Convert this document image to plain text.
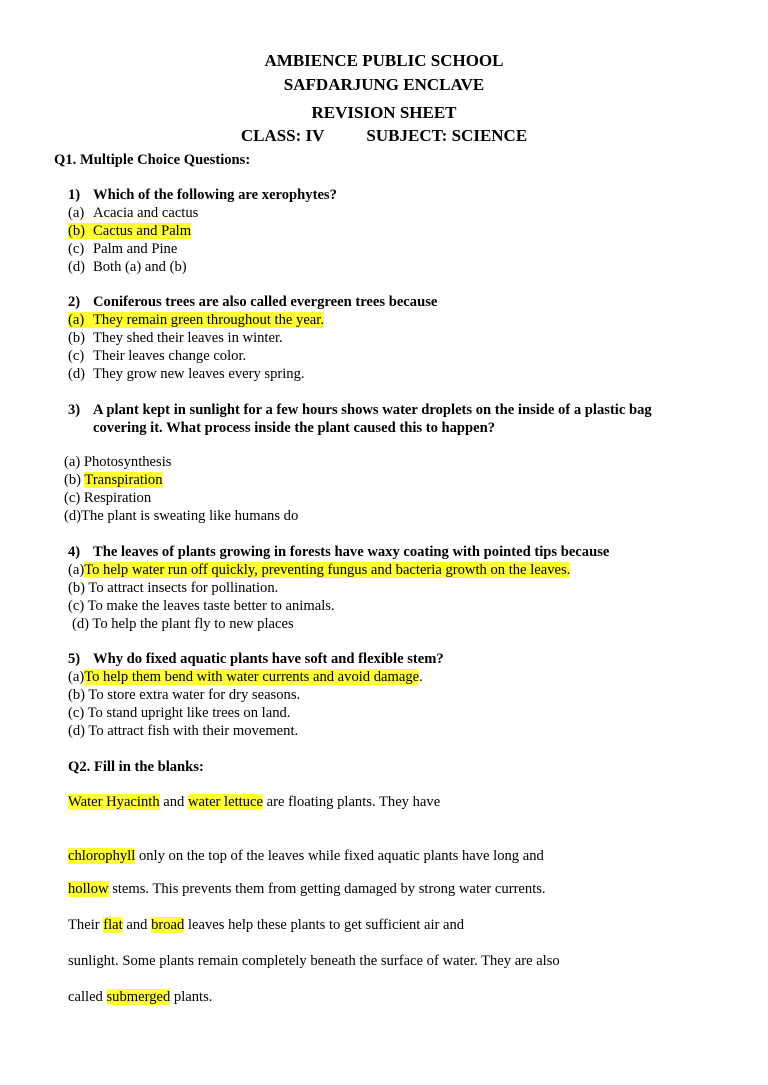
AMBIENCE PUBLIC SCHOOL
SAFDARJUNG ENCLAVE
REVISION SHEET
CLASS: IV SUBJECT: SCIENCE
Q1. Multiple Choice Questions:
1) Which of the following are xerophytes?
(a) Acacia and cactus
(b) Cactus and Palm
(c) Palm and Pine
(d) Both (a) and (b)
2) Coniferous trees are also called evergreen trees because
(a) They remain green throughout the year.
(b) They shed their leaves in winter.
(c) Their leaves change color.
(d) They grow new leaves every spring.
3) A plant kept in sunlight for a few hours shows water droplets on the inside of a plastic bag
covering it. What process inside the plant caused this to happen?
(a) Photosynthesis
(b) Transpiration
(c) Respiration
(d)The plant is sweating like humans do
4) The leaves of plants growing in forests have waxy coating with pointed tips because
(a)To help water run off quickly, preventing fungus and bacteria growth on the leaves.
(b) To attract insects for pollination.
(c) To make the leaves taste better to animals.
(d) To help the plant fly to new places
5) Why do fixed aquatic plants have soft and flexible stem?
(a)To help them bend with water currents and avoid damage.
(b) To store extra water for dry seasons.
(c) To stand upright like trees on land.
(d) To attract fish with their movement.
Q2. Fill in the blanks:
Water Hyacinth and water lettuce are floating plants. They have
chlorophyll only on the top of the leaves while fixed aquatic plants have long and
hollow stems. This prevents them from getting damaged by strong water currents.
Their flat and broad leaves help these plants to get sufficient air and
sunlight. Some plants remain completely beneath the surface of water. They are also
called submerged plants.
